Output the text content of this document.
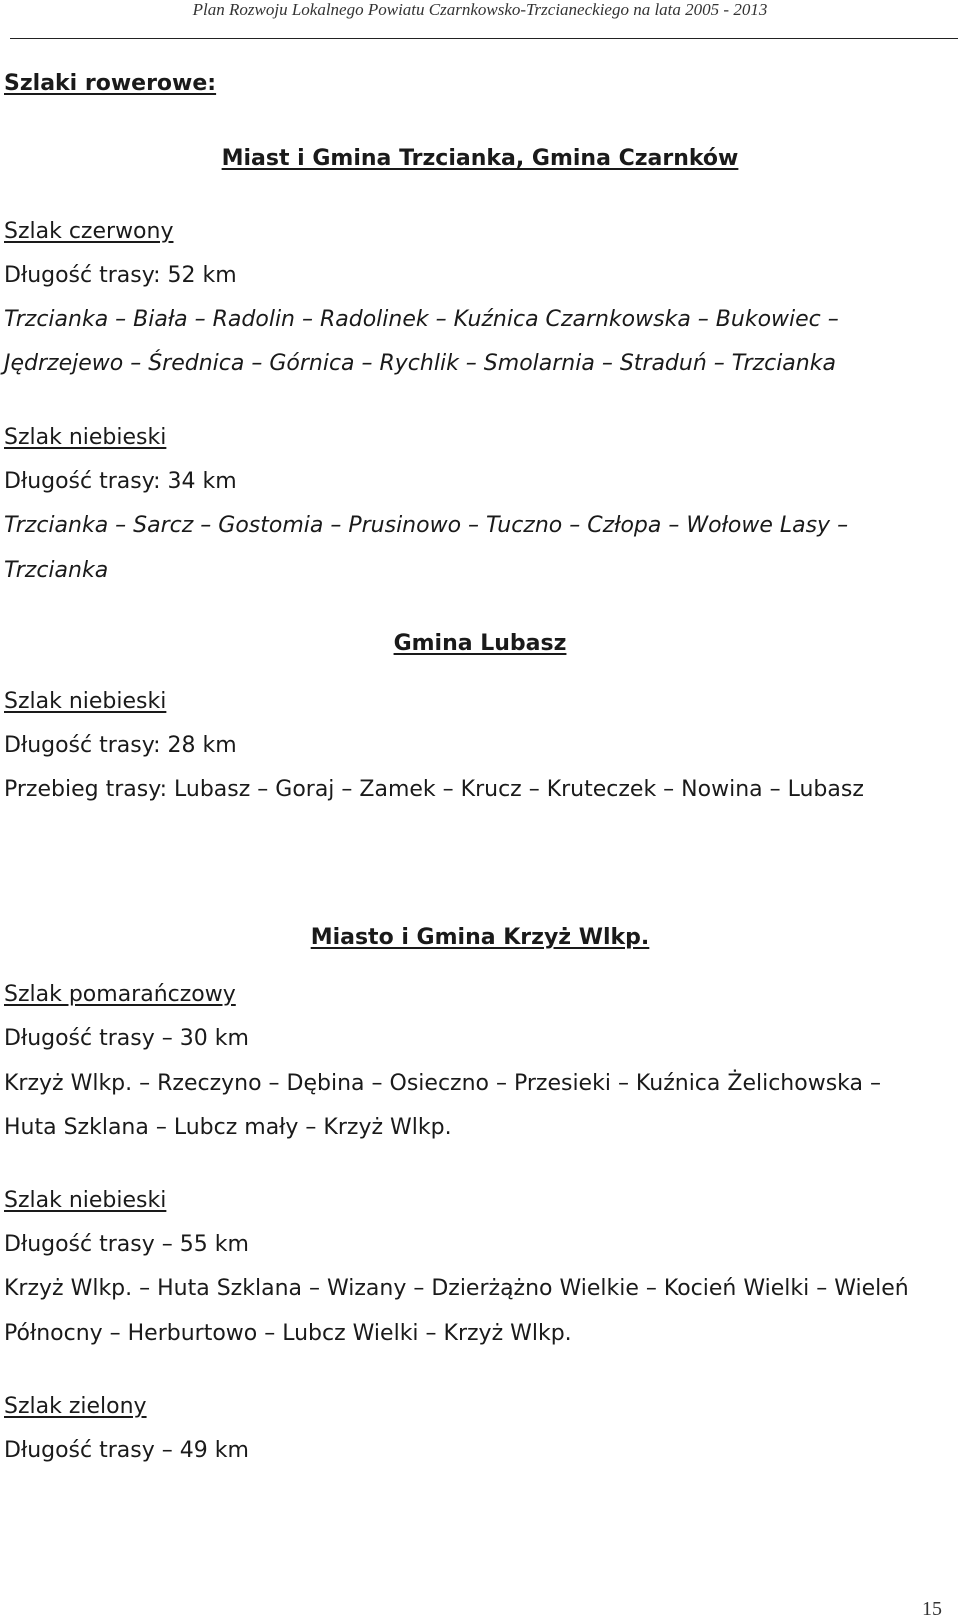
Plan Rozwoju Lokalnego Powiatu Czarnkowsko-Trzcianeckiego na lata 2005 - 2013
Szlaki rowerowe:
Miast i Gmina Trzcianka, Gmina Czarnków
Szlak czerwony
Długość trasy: 52 km
Trzcianka – Biała – Radolin – Radolinek – Kuźnica Czarnkowska – Bukowiec –
Jędrzejewo – Średnica – Górnica – Rychlik – Smolarnia – Straduń – Trzcianka
Szlak niebieski
Długość trasy: 34 km
Trzcianka – Sarcz – Gostomia – Prusinowo – Tuczno – Człopa – Wołowe Lasy –
Trzcianka
Gmina Lubasz
Szlak niebieski
Długość trasy: 28 km
Przebieg trasy: Lubasz – Goraj – Zamek – Krucz – Kruteczek – Nowina – Lubasz
Miasto i Gmina Krzyż Wlkp.
Szlak pomarańczowy
Długość trasy – 30 km
Krzyż Wlkp. – Rzeczyno – Dębina – Osieczno – Przesieki – Kuźnica Żelichowska –
Huta Szklana – Lubcz mały – Krzyż Wlkp.
Szlak niebieski
Długość trasy – 55 km
Krzyż Wlkp. – Huta Szklana – Wizany – Dzierżążno Wielkie – Kocień Wielki – Wieleń
Północny – Herburtowo – Lubcz Wielki – Krzyż Wlkp.
Szlak zielony
Długość trasy – 49 km
15
